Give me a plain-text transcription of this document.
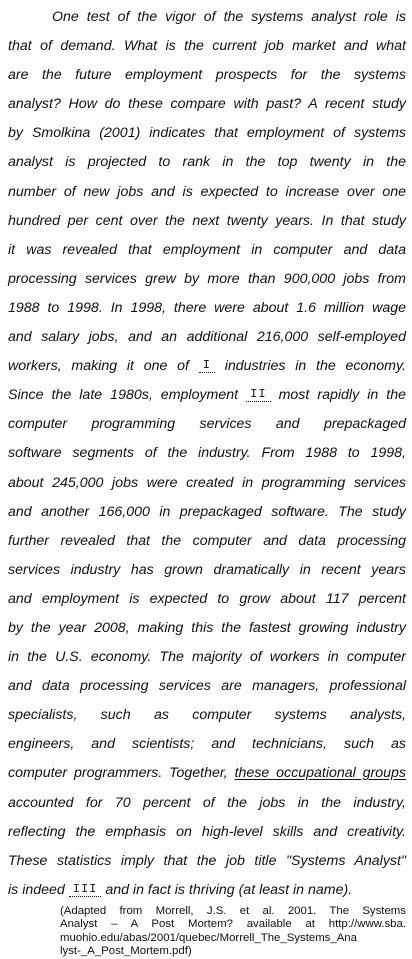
One test of the vigor of the systems analyst role is
that of demand. What is the current job market and what
are the future employment prospects for the systems
analyst? How do these compare with past? A recent study
by Smolkina (2001) indicates that employment of systems
analyst is projected to rank in the top twenty in the
number of new jobs and is expected to increase over one
hundred per cent over the next twenty years. In that study
it was revealed that employment in computer and data
processing services grew by more than 900,000 jobs from
1988 to 1998. In 1998, there were about 1.6 million wage
and salary jobs, and an additional 216,000 self-employed
workers, making it one of I industries in the economy.
Since the late 1980s, employment II most rapidly in the
computer programming services and prepackaged
software segments of the industry. From 1988 to 1998,
about 245,000 jobs were created in programming services
and another 166,000 in prepackaged software. The study
further revealed that the computer and data processing
services industry has grown dramatically in recent years
and employment is expected to grow about 117 percent
by the year 2008, making this the fastest growing industry
in the U.S. economy. The majority of workers in computer
and data processing services are managers, professional
specialists, such as computer systems analysts,
engineers, and scientists; and technicians, such as
computer programmers. Together, these occupational groups
accounted for 70 percent of the jobs in the industry,
reflecting the emphasis on high-level skills and creativity.
These statistics imply that the job title "Systems Analyst"
is indeed III and in fact is thriving (at least in name).
(Adapted from Morrell, J.S. et al. 2001. The Systems
Analyst – A Post Mortem? available at http://www.sba.
muohio.edu/abas/2001/quebec/Morrell_The_Systems_Ana
lyst-_A_Post_Mortem.pdf)
